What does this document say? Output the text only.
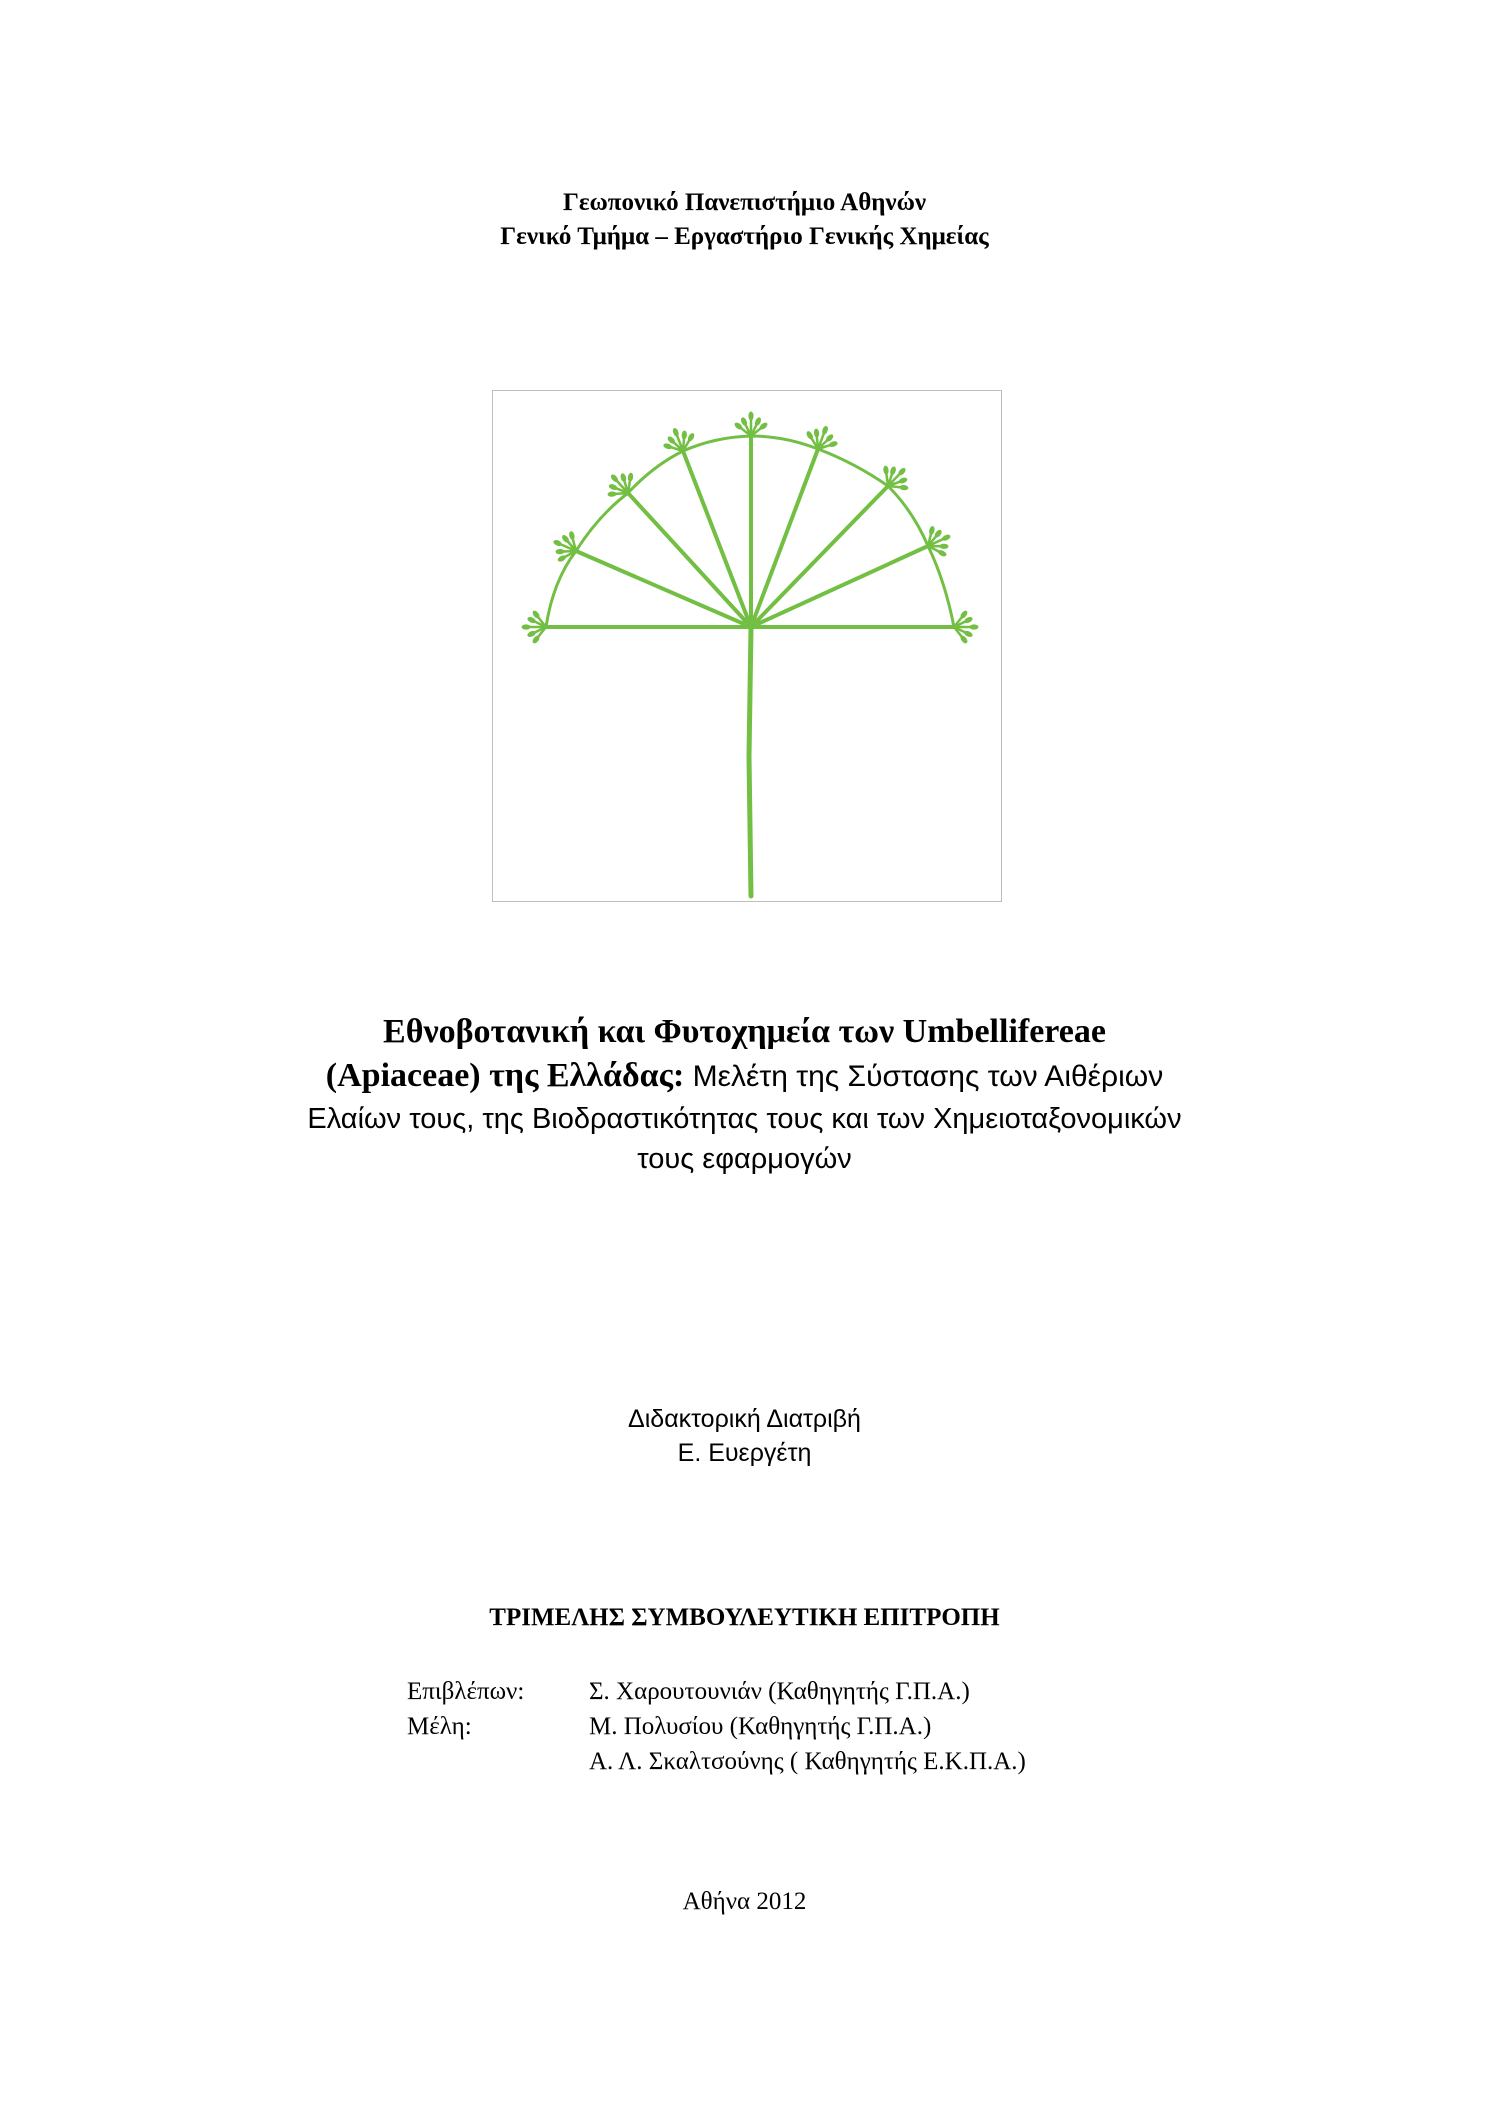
Γεωπονικό Πανεπιστήμιο Αθηνών
Γενικό Τμήμα – Εργαστήριο Γενικής Χημείας
Εθνοβοτανική και Φυτοχημεία των Umbellifereae
(Apiaceae) της Ελλάδας: Μελέτη της Σύστασης των Αιθέριων
Ελαίων τους, της Βιοδραστικότητας τους και των Χημειοταξονομικών
τους εφαρμογών
Διδακτορική Διατριβή
Ε. Ευεργέτη
ΤΡΙΜΕΛΗΣ ΣΥΜΒΟΥΛΕΥΤΙΚΗ ΕΠΙΤΡΟΠΗ
Επιβλέπων:	Σ. Χαρουτουνιάν (Καθηγητής Γ.Π.Α.)
Μέλη:	Μ. Πολυσίου (Καθηγητής Γ.Π.Α.)
Α. Λ. Σκαλτσούνης ( Καθηγητής Ε.Κ.Π.Α.)
Αθήνα 2012
